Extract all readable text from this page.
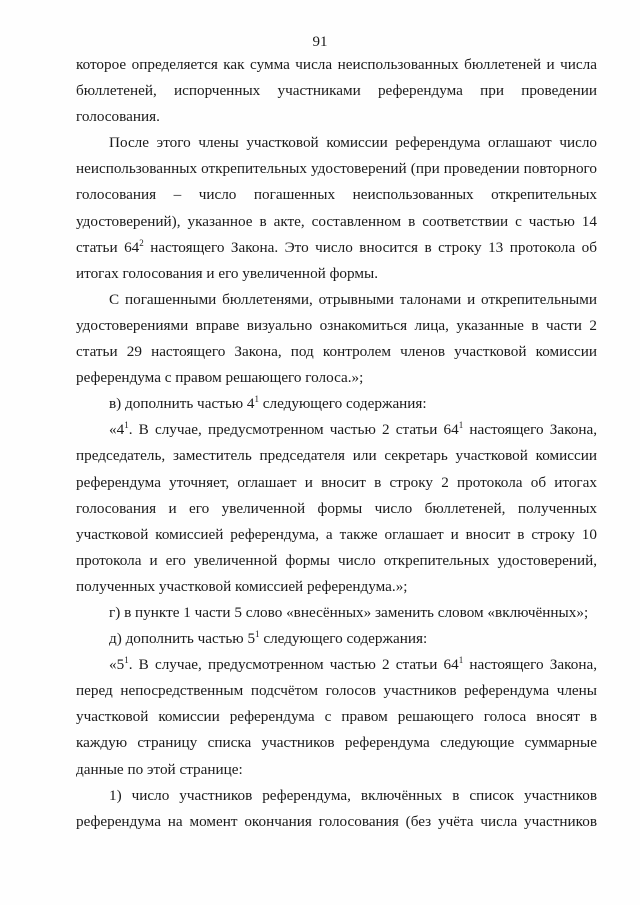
91

которое определяется как сумма числа неиспользованных бюллетеней и числа бюллетеней, испорченных участниками референдума при проведении голосования.

После этого члены участковой комиссии референдума оглашают число неиспользованных открепительных удостоверений (при проведении повторного голосования – число погашенных неиспользованных открепительных удостоверений), указанное в акте, составленном в соответствии с частью 14 статьи $64^2$ настоящего Закона. Это число вносится в строку 13 протокола об итогах голосования и его увеличенной формы.

С погашенными бюллетенями, отрывными талонами и открепительными удостоверениями вправе визуально ознакомиться лица, указанные в части 2 статьи 29 настоящего Закона, под контролем членов участковой комиссии референдума с правом решающего голоса.»;

в) дополнить частью $4^1$ следующего содержания:

«$4^1$. В случае, предусмотренном частью 2 статьи $64^1$ настоящего Закона, председатель, заместитель председателя или секретарь участковой комиссии референдума уточняет, оглашает и вносит в строку 2 протокола об итогах голосования и его увеличенной формы число бюллетеней, полученных участковой комиссией референдума, а также оглашает и вносит в строку 10 протокола и его увеличенной формы число открепительных удостоверений, полученных участковой комиссией референдума.»;

г) в пункте 1 части 5 слово «внесённых» заменить словом «включённых»;

д) дополнить частью $5^1$ следующего содержания:

«$5^1$. В случае, предусмотренном частью 2 статьи $64^1$ настоящего Закона, перед непосредственным подсчётом голосов участников референдума члены участковой комиссии референдума с правом решающего голоса вносят в каждую страницу списка участников референдума следующие суммарные данные по этой странице:

1) число участников референдума, включённых в список участников референдума на момент окончания голосования (без учёта числа участников
